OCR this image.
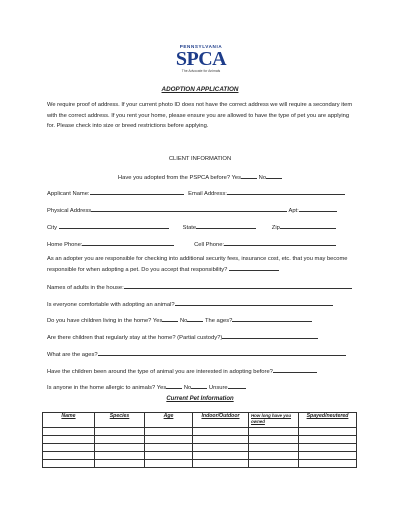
PENNSYLVANIA
SPCA
The Advocate for Animals
ADOPTION APPLICATION
We require proof of address. If your current photo ID does not have the correct address we will require a secondary item with the correct address. If you rent your home, please ensure you are allowed to have the type of pet you are applying for. Please check into size or breed restrictions before applying.
CLIENT INFORMATION
Have you adopted from the PSPCA before? Yes	No
Applicant Name:	Email Address:
Physical Address	Apt:
City	State	Zip
Home Phone:	Cell Phone:
As an adopter you are responsible for checking into additional security fees, insurance cost, etc. that you may become responsible for when adopting a pet. Do you accept that responsibility?
Names of adults in the house:
Is everyone comfortable with adopting an animal?
Do you have children living in the home? Yes	No	The ages?
Are there children that regularly stay at the home? (Partial custody?)
What are the ages?
Have the children been around the type of animal you are interested in adopting before?
Is anyone in the home allergic to animals? Yes	No	Unsure
Current Pet Information
Name	Species	Age	Indoor/Outdoor	How long have you owned	Spayed/neutered
